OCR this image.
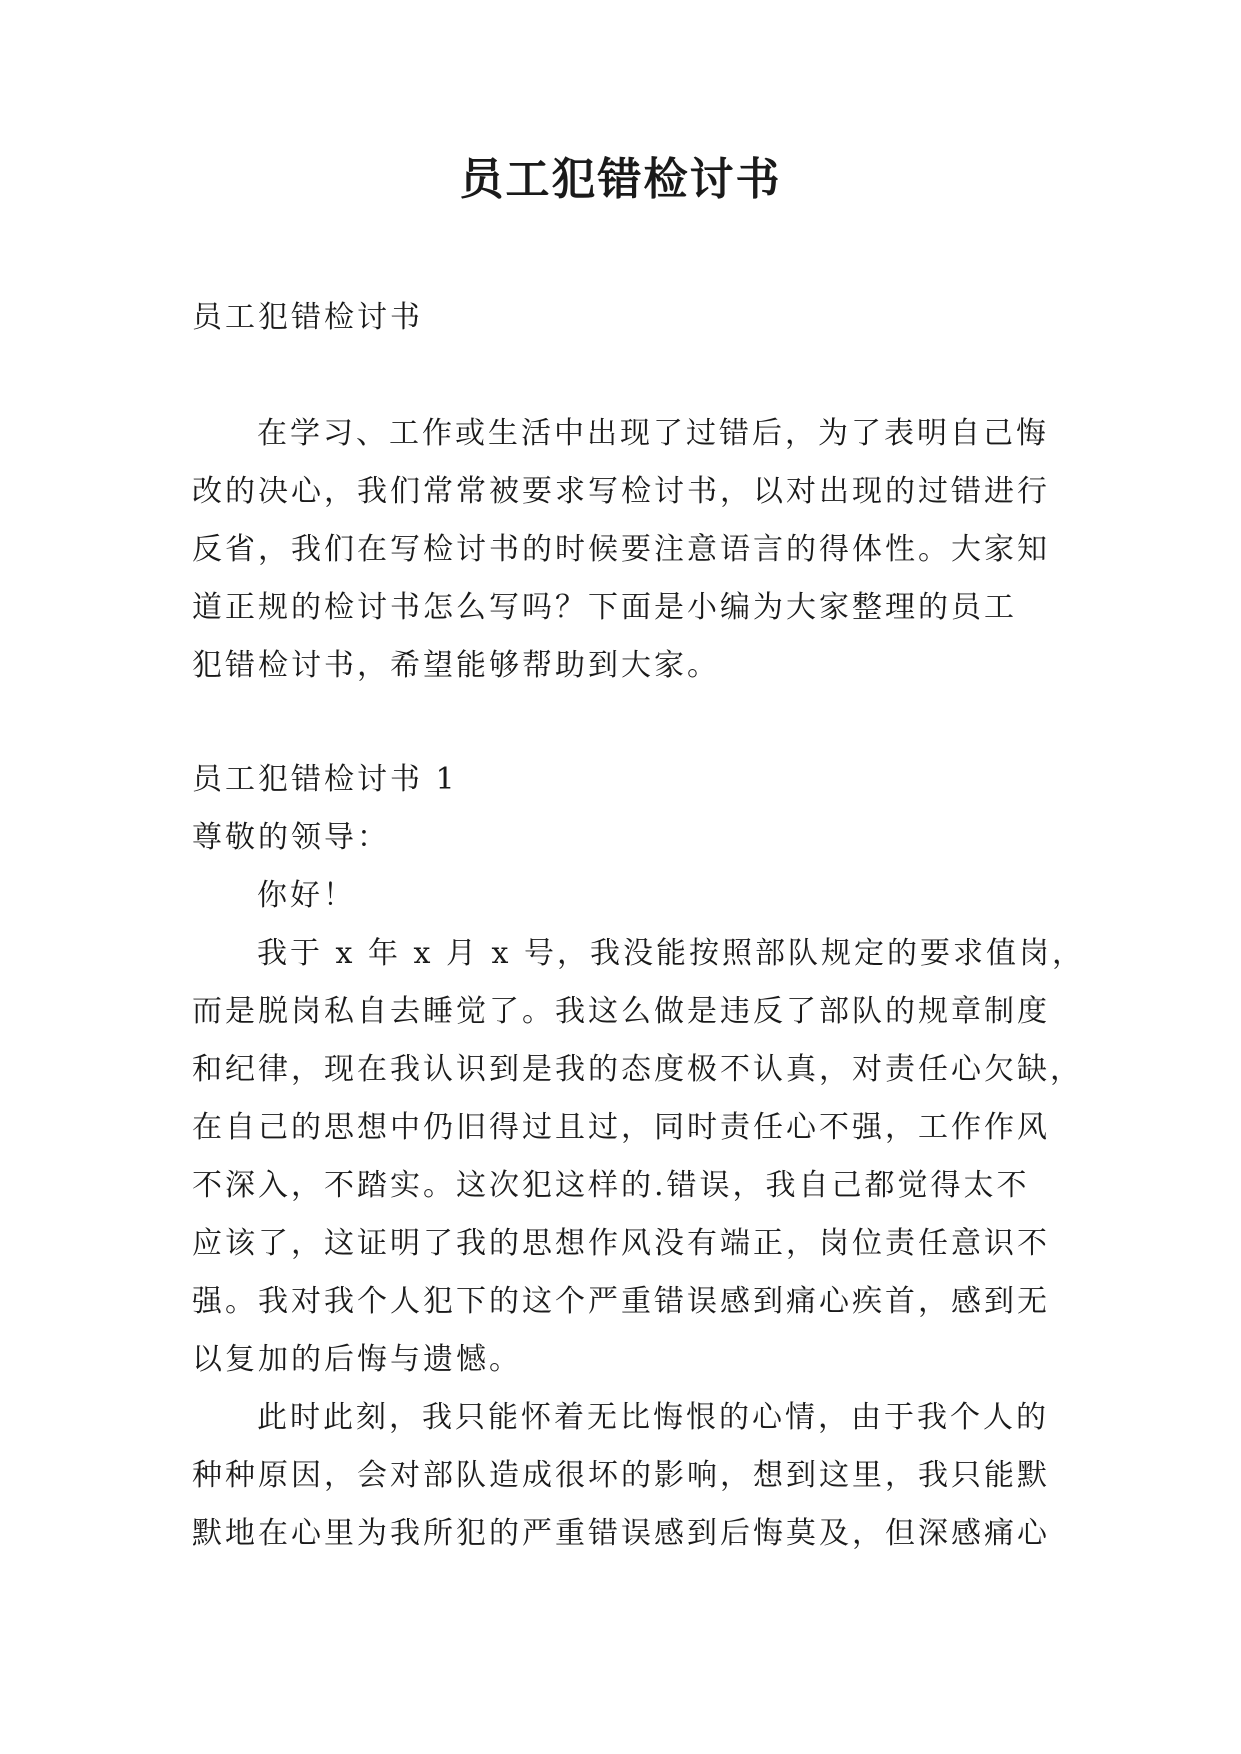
员工犯错检讨书
员工犯错检讨书
在学习、工作或生活中出现了过错后，为了表明自己悔
改的决心，我们常常被要求写检讨书，以对出现的过错进行
反省，我们在写检讨书的时候要注意语言的得体性。大家知
道正规的检讨书怎么写吗？下面是小编为大家整理的员工
犯错检讨书，希望能够帮助到大家。
员工犯错检讨书 1
尊敬的领导：
你好！
我于 x 年 x 月 x 号，我没能按照部队规定的要求值岗，
而是脱岗私自去睡觉了。我这么做是违反了部队的规章制度
和纪律，现在我认识到是我的态度极不认真，对责任心欠缺，
在自己的思想中仍旧得过且过，同时责任心不强，工作作风
不深入，不踏实。这次犯这样的.错误，我自己都觉得太不
应该了，这证明了我的思想作风没有端正，岗位责任意识不
强。我对我个人犯下的这个严重错误感到痛心疾首，感到无
以复加的后悔与遗憾。
此时此刻，我只能怀着无比悔恨的心情，由于我个人的
种种原因，会对部队造成很坏的影响，想到这里，我只能默
默地在心里为我所犯的严重错误感到后悔莫及，但深感痛心
